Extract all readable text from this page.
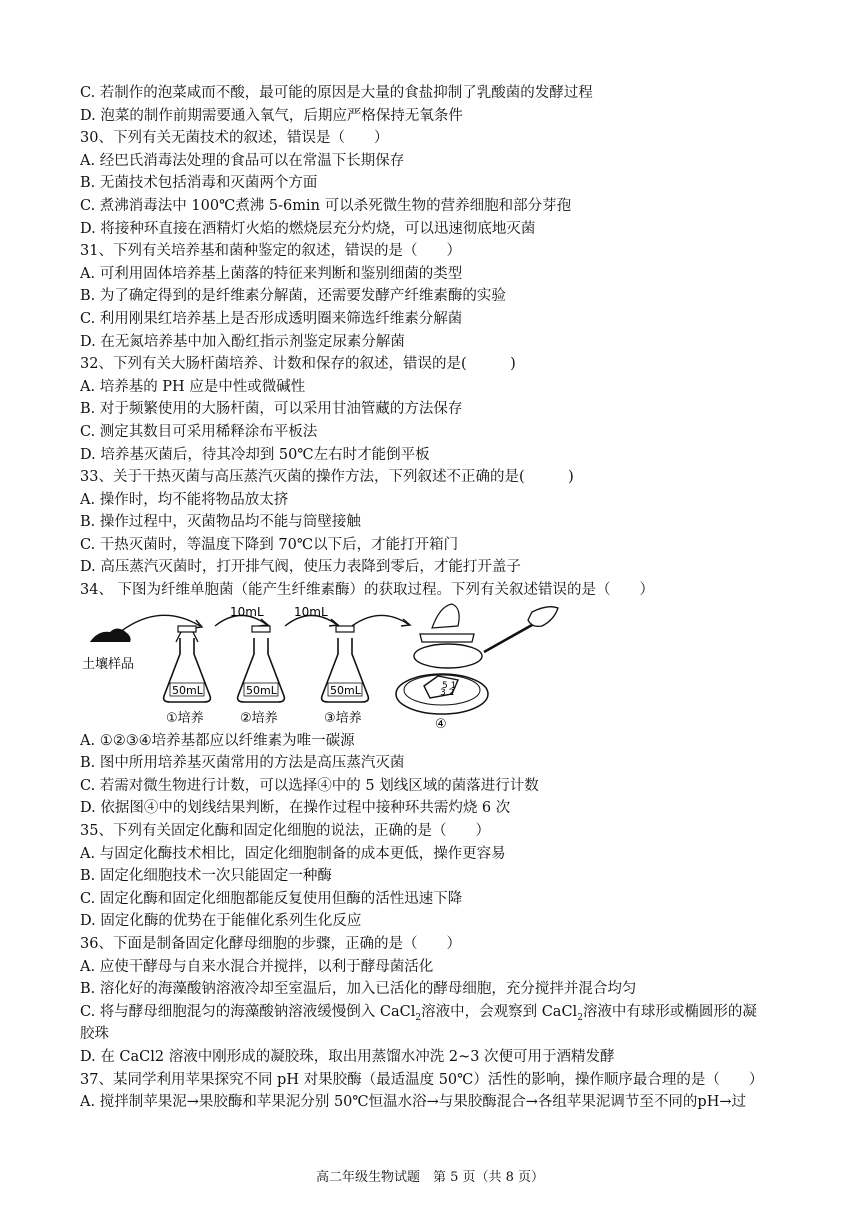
C. 若制作的泡菜咸而不酸，最可能的原因是大量的食盐抑制了乳酸菌的发酵过程
D. 泡菜的制作前期需要通入氧气，后期应严格保持无氧条件
30、下列有关无菌技术的叙述，错误是（　　）
A. 经巴氏消毒法处理的食品可以在常温下长期保存
B. 无菌技术包括消毒和灭菌两个方面
C. 煮沸消毒法中 100℃煮沸 5-6min 可以杀死微生物的营养细胞和部分芽孢
D. 将接种环直接在酒精灯火焰的燃烧层充分灼烧，可以迅速彻底地灭菌
31、下列有关培养基和菌种鉴定的叙述，错误的是（　　）
A. 可利用固体培养基上菌落的特征来判断和鉴别细菌的类型
B. 为了确定得到的是纤维素分解菌，还需要发酵产纤维素酶的实验
C. 利用刚果红培养基上是否形成透明圈来筛选纤维素分解菌
D. 在无氮培养基中加入酚红指示剂鉴定尿素分解菌
32、下列有关大肠杆菌培养、计数和保存的叙述，错误的是(　　　)
A. 培养基的 PH 应是中性或微碱性
B. 对于频繁使用的大肠杆菌，可以采用甘油管藏的方法保存
C. 测定其数目可采用稀释涂布平板法
D. 培养基灭菌后，待其冷却到 50℃左右时才能倒平板
33、关于干热灭菌与高压蒸汽灭菌的操作方法，下列叙述不正确的是(　　　)
A. 操作时，均不能将物品放太挤
B. 操作过程中，灭菌物品均不能与筒壁接触
C. 干热灭菌时，等温度下降到 70℃以下后，才能打开箱门
D. 高压蒸汽灭菌时，打开排气阀，使压力表降到零后，才能打开盖子
34、 下图为纤维单胞菌（能产生纤维素酶）的获取过程。下列有关叙述错误的是（　　）
土壤样品
10mL	10mL
50mL
①培养
50mL
②培养
50mL
③培养
5 1
3 2
④
A. ①②③④培养基都应以纤维素为唯一碳源
B. 图中所用培养基灭菌常用的方法是高压蒸汽灭菌
C. 若需对微生物进行计数，可以选择④中的 5 划线区域的菌落进行计数
D. 依据图④中的划线结果判断，在操作过程中接种环共需灼烧 6 次
35、下列有关固定化酶和固定化细胞的说法，正确的是（　　）
A. 与固定化酶技术相比，固定化细胞制备的成本更低，操作更容易
B. 固定化细胞技术一次只能固定一种酶
C. 固定化酶和固定化细胞都能反复使用但酶的活性迅速下降
D. 固定化酶的优势在于能催化系列生化反应
36、下面是制备固定化酵母细胞的步骤，正确的是（　　）
A. 应使干酵母与自来水混合并搅拌，以利于酵母菌活化
B. 溶化好的海藻酸钠溶液冷却至室温后，加入已活化的酵母细胞，充分搅拌并混合均匀
C. 将与酵母细胞混匀的海藻酸钠溶液缓慢倒入 CaCl$_2$溶液中，会观察到 CaCl$_2$溶液中有球形或椭圆形的凝
胶珠
D. 在 CaCl2 溶液中刚形成的凝胶珠，取出用蒸馏水冲洗 2~3 次便可用于酒精发酵
37、某同学利用苹果探究不同 pH 对果胶酶（最适温度 50℃）活性的影响，操作顺序最合理的是（　　）
A. 搅拌制苹果泥→果胶酶和苹果泥分别 50℃恒温水浴→与果胶酶混合→各组苹果泥调节至不同的pH→过
高二年级生物试题　第 5 页（共 8 页）
